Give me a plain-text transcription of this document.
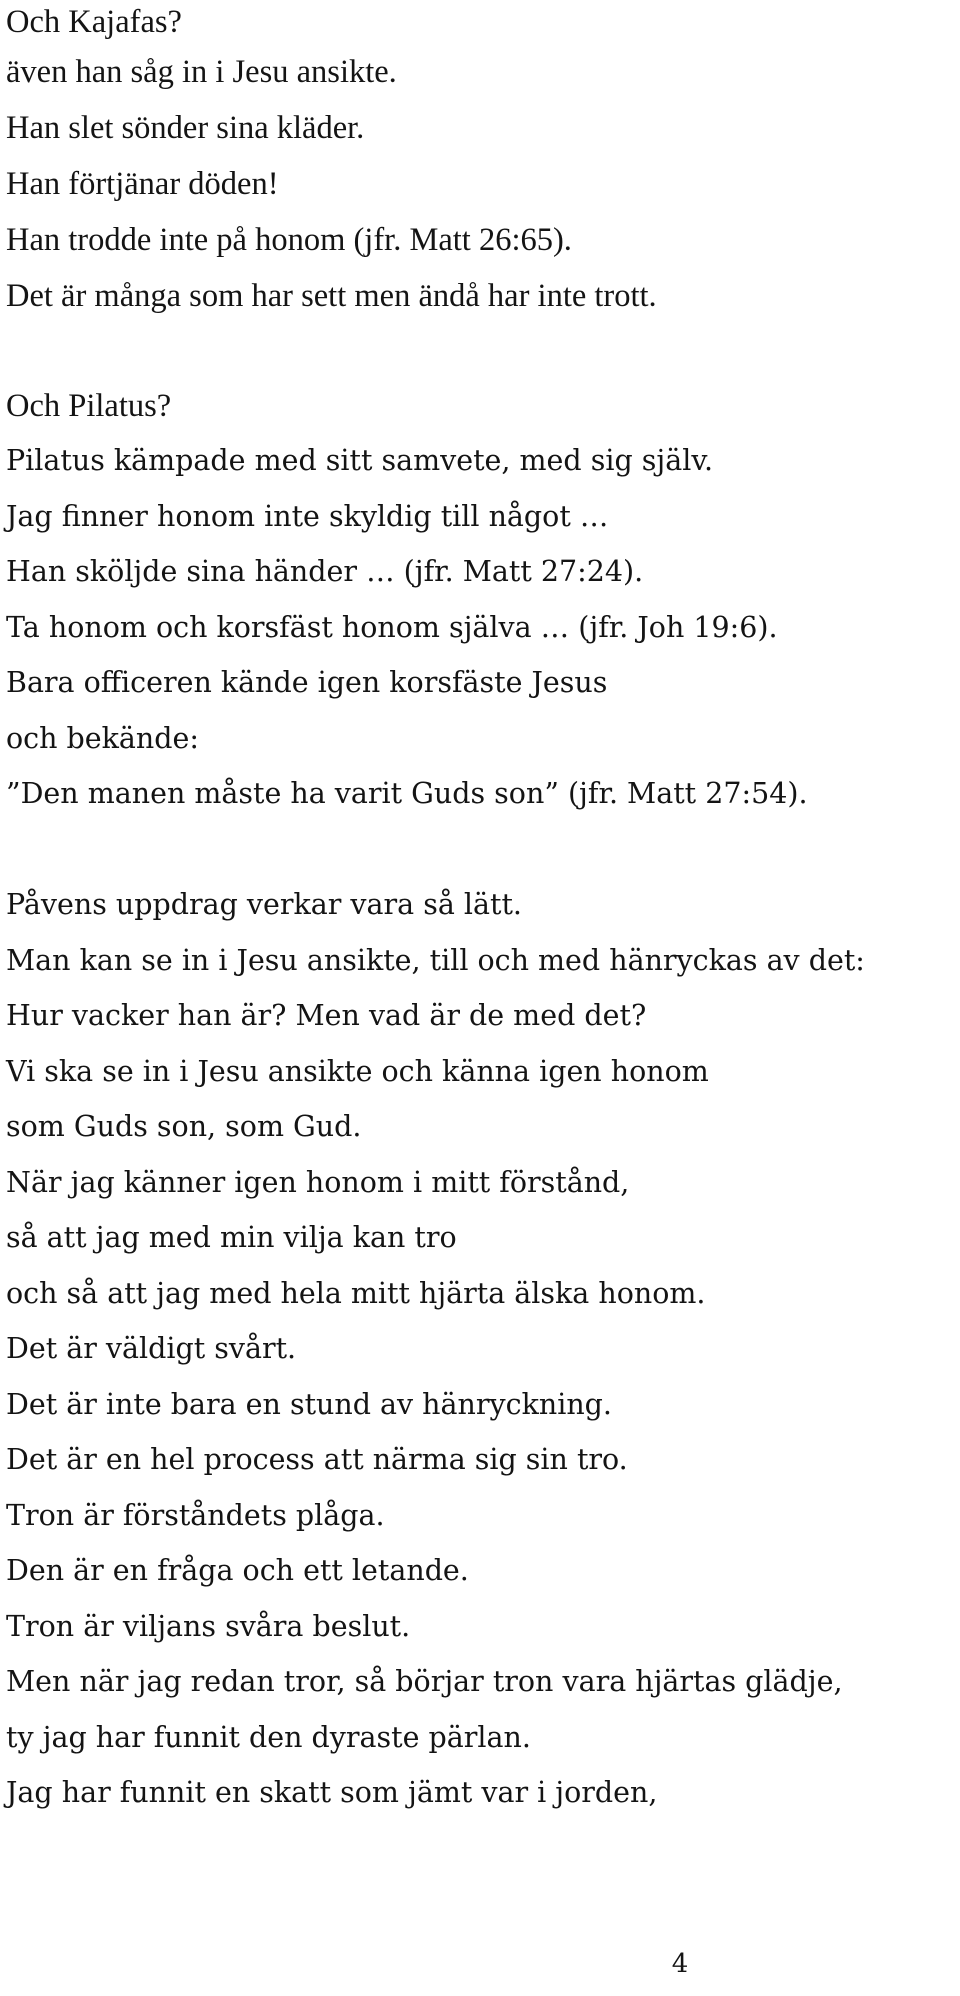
Och Kajafas?
även han såg in i Jesu ansikte.
Han slet sönder sina kläder.
Han förtjänar döden!
Han trodde inte på honom (jfr. Matt 26:65).
Det är många som har sett men ändå har inte trott.
Och Pilatus?
Pilatus kämpade med sitt samvete, med sig själv.
Jag finner honom inte skyldig till något …
Han sköljde sina händer … (jfr. Matt 27:24).
Ta honom och korsfäst honom själva … (jfr. Joh 19:6).
Bara officeren kände igen korsfäste Jesus
och bekände:
”Den manen måste ha varit Guds son” (jfr. Matt 27:54).
Påvens uppdrag verkar vara så lätt.
Man kan se in i Jesu ansikte, till och med hänryckas av det:
Hur vacker han är? Men vad är de med det?
Vi ska se in i Jesu ansikte och känna igen honom
som Guds son, som Gud.
När jag känner igen honom i mitt förstånd,
så att jag med min vilja kan tro
och så att jag med hela mitt hjärta älska honom.
Det är väldigt svårt.
Det är inte bara en stund av hänryckning.
Det är en hel process att närma sig sin tro.
Tron är förståndets plåga.
Den är en fråga och ett letande.
Tron är viljans svåra beslut.
Men när jag redan tror, så börjar tron vara hjärtas glädje,
ty jag har funnit den dyraste pärlan.
Jag har funnit en skatt som jämt var i jorden,
4
